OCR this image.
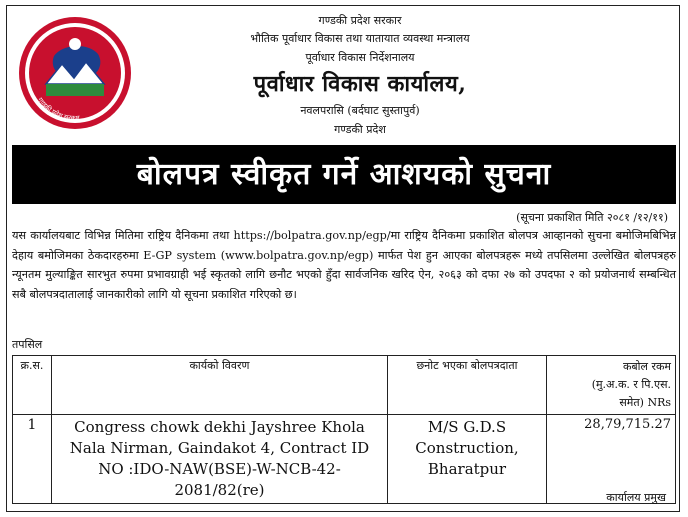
गण्डकी प्रदेश सरकार
गण्डकी प्रदेश सरकार
भौतिक पूर्वाधार विकास तथा यातायात व्यवस्था मन्त्रालय
पूर्वाधार विकास निर्देशनालय
पूर्वाधार विकास कार्यालय,
नवलपरासि (बर्दघाट सुस्तापुर्व)
गण्डकी प्रदेश
बोलपत्र स्वीकृत गर्ने आशयको सुचना
(सूचना प्रकाशित मिति २०८१ /१२/११)
यस कार्यालयबाट विभिन्न मितिमा राष्ट्रिय दैनिकमा तथा https://bolpatra.gov.np/egp/मा राष्ट्रिय दैनिकमा प्रकाशित बोलपत्र आव्हानको सुचना बमोजिमबिभिन्न देहाय बमोजिमका ठेकदारहरुमा E-GP system (www.bolpatra.gov.np/egp) मार्फत पेश हुन आएका बोलपत्रहरू मध्ये तपसिलमा उल्लेखित बोलपत्रहरु न्यूनतम मुल्याङ्कित सारभुत रुपमा प्रभावग्राही भई स्कृतको लागि छनौट भएको हुँदा सार्वजनिक खरिद ऐन, २०६३ को दफा २७ को उपदफा २ को प्रयोजनार्थ सम्बन्धित सबै बोलपत्रदातालाई जानकारीको लागि यो सूचना प्रकाशित गरिएको छ।
तपसिल
क्र.स.	कार्यको विवरण	छनोट भएका बोलपत्रदाता	कबोल रकम
(मु.अ.क. र पि.एस.
समेत) NRs

1	Congress chowk dekhi Jayshree Khola Nala Nirman, Gaindakot 4, Contract ID NO :IDO-NAW(BSE)-W-NCB-42-2081/82(re)	M/S G.D.S Construction, Bharatpur	28,79,715.27
कार्यालय प्रमुख
